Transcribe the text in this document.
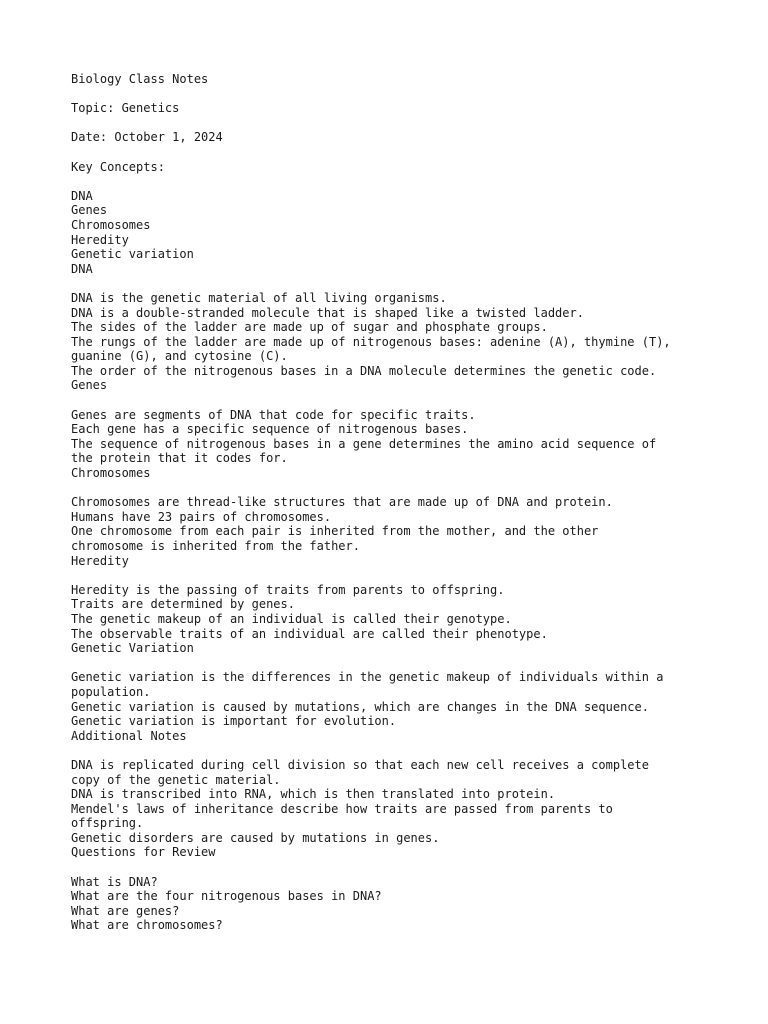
Biology Class Notes
Topic: Genetics
Date: October 1, 2024
Key Concepts:
DNA
Genes
Chromosomes
Heredity
Genetic variation
DNA
DNA is the genetic material of all living organisms.
DNA is a double-stranded molecule that is shaped like a twisted ladder.
The sides of the ladder are made up of sugar and phosphate groups.
The rungs of the ladder are made up of nitrogenous bases: adenine (A), thymine (T),
guanine (G), and cytosine (C).
The order of the nitrogenous bases in a DNA molecule determines the genetic code.
Genes
Genes are segments of DNA that code for specific traits.
Each gene has a specific sequence of nitrogenous bases.
The sequence of nitrogenous bases in a gene determines the amino acid sequence of
the protein that it codes for.
Chromosomes
Chromosomes are thread-like structures that are made up of DNA and protein.
Humans have 23 pairs of chromosomes.
One chromosome from each pair is inherited from the mother, and the other
chromosome is inherited from the father.
Heredity
Heredity is the passing of traits from parents to offspring.
Traits are determined by genes.
The genetic makeup of an individual is called their genotype.
The observable traits of an individual are called their phenotype.
Genetic Variation
Genetic variation is the differences in the genetic makeup of individuals within a
population.
Genetic variation is caused by mutations, which are changes in the DNA sequence.
Genetic variation is important for evolution.
Additional Notes
DNA is replicated during cell division so that each new cell receives a complete
copy of the genetic material.
DNA is transcribed into RNA, which is then translated into protein.
Mendel's laws of inheritance describe how traits are passed from parents to
offspring.
Genetic disorders are caused by mutations in genes.
Questions for Review
What is DNA?
What are the four nitrogenous bases in DNA?
What are genes?
What are chromosomes?
